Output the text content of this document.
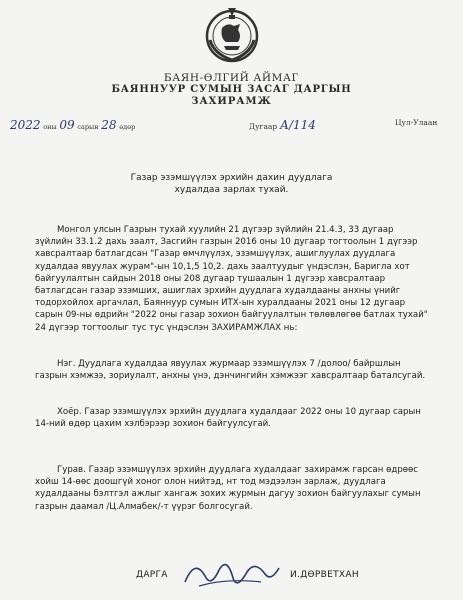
БАЯН-ӨЛГИЙ АЙМАГ
БАЯННУУР СУМЫН ЗАСАГ ДАРГЫН
ЗАХИРАМЖ
2022 оны 09 сарын 28 өдөр	Дугаар А/114	Цул-Улаан
Газар эзэмшүүлэх эрхийн дахин дуудлага
худалдаа зарлах тухай.
Монгол улсын Газрын тухай хуулийн 21 дүгээр зүйлийн 21.4.3, 33 дугаар
зүйлийн 33.1.2 дахь заалт, Засгийн газрын 2016 оны 10 дугаар тогтоолын 1 дүгээр
хавсралтаар батлагдсан "Газар өмчлүүлэх, эзэмшүүлэх, ашиглуулах дуудлага
худалдаа явуулах журам"-ын 10,1,5 10,2. дахь заалтуудыг үндэслэн, Баригла хот
байгуулалтын сайдын 2018 оны 208 дугаар тушаалын 1 дүгээр хавсралтаар
батлагдсан газар эзэмших, ашиглах эрхийн дуудлага худалдааны анхны үнийг
тодорхойлох аргачлал, Баяннуур сумын ИТХ-ын хуралдааны 2021 оны 12 дугаар
сарын 09-ны өдрийн "2022 оны газар зохион байгуулалтын төлөвлөгөө батлах тухай"
24 дүгээр тогтоолыг тус тус үндэслэн ЗАХИРАМЖЛАХ нь:
Нэг. Дуудлага худалдаа явуулах журмаар эзэмшүүлэх 7 /долоо/ байршлын
газрын хэмжээ, зориулалт, анхны үнэ, дэнчингийн хэмжээг хавсралтаар баталсугай.
Хоёр. Газар эзэмшүүлэх эрхийн дуудлага худалдааг 2022 оны 10 дугаар сарын
14-ний өдөр цахим хэлбэрээр зохион байгуулсугай.
Гурав. Газар эзэмшүүлэх эрхийн дуудлага худалдааг захирамж гарсан өдрөөс
хойш 14-өөс доошгүй хоног олон нийтэд, нт тод мэдээлэн зарлаж, дуудлага
худалдааны бэлтгэл ажлыг хангаж зохих журмын дагуу зохион байгуулахыг сумын
газрын даамал /Ц.Алмабек/-т үүрэг болгосугай.
ДАРГА	И.ДӨРВЕТХАН
